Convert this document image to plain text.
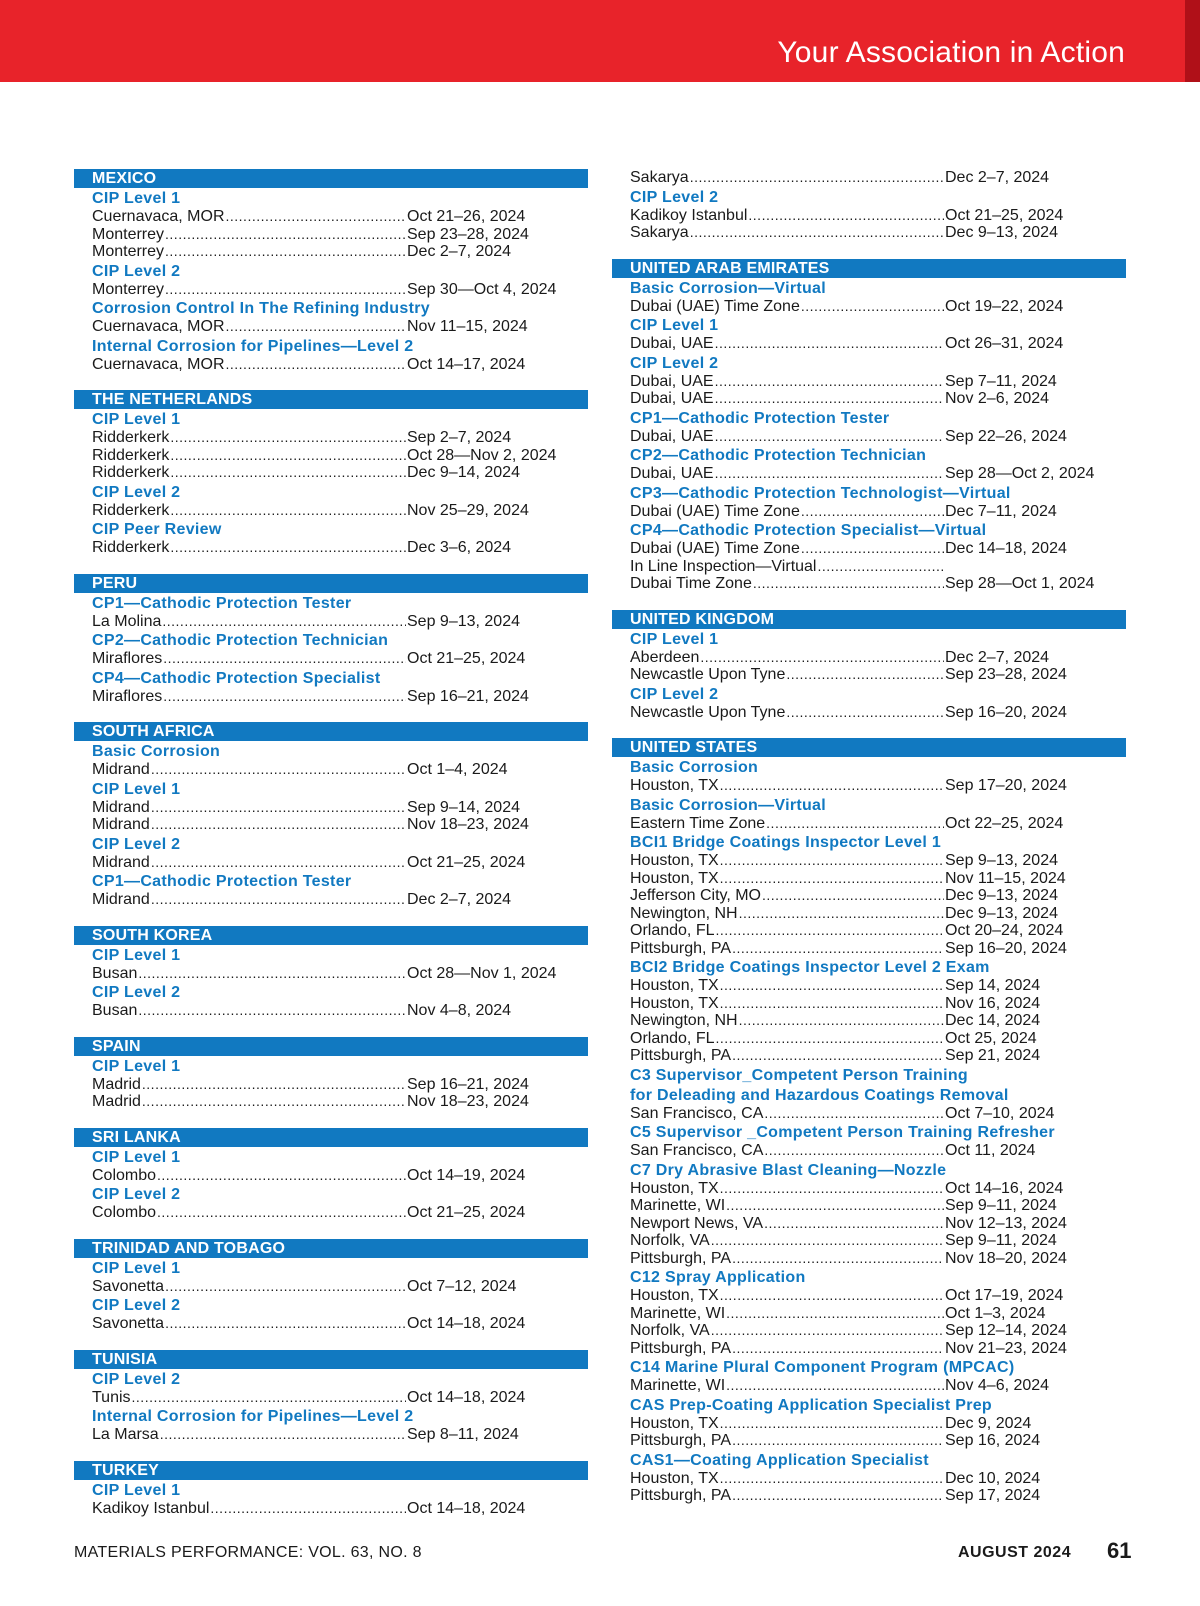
Your Association in Action
MEXICO
CIP Level 1
Cuernavaca, MOR .....	Oct 21–26, 2024
Monterrey .....	Sep 23–28, 2024
Monterrey .....	Dec 2–7, 2024
CIP Level 2
Monterrey .....	Sep 30—Oct 4, 2024
Corrosion Control In The Refining Industry
Cuernavaca, MOR .....	Nov 11–15, 2024
Internal Corrosion for Pipelines—Level 2
Cuernavaca, MOR .....	Oct 14–17, 2024
THE NETHERLANDS
CIP Level 1
Ridderkerk .....	Sep 2–7, 2024
Ridderkerk .....	Oct 28—Nov 2, 2024
Ridderkerk .....	Dec 9–14, 2024
CIP Level 2
Ridderkerk .....	Nov 25–29, 2024
CIP Peer Review
Ridderkerk .....	Dec 3–6, 2024
PERU
CP1—Cathodic Protection Tester
La Molina .....	Sep 9–13, 2024
CP2—Cathodic Protection Technician
Miraflores .....	Oct 21–25, 2024
CP4—Cathodic Protection Specialist
Miraflores .....	Sep 16–21, 2024
SOUTH AFRICA
Basic Corrosion
Midrand .....	Oct 1–4, 2024
CIP Level 1
Midrand .....	Sep 9–14, 2024
Midrand .....	Nov 18–23, 2024
CIP Level 2
Midrand .....	Oct 21–25, 2024
CP1—Cathodic Protection Tester
Midrand .....	Dec 2–7, 2024
SOUTH KOREA
CIP Level 1
Busan .....	Oct 28—Nov 1, 2024
CIP Level 2
Busan .....	Nov 4–8, 2024
SPAIN
CIP Level 1
Madrid .....	Sep 16–21, 2024
Madrid .....	Nov 18–23, 2024
SRI LANKA
CIP Level 1
Colombo .....	Oct 14–19, 2024
CIP Level 2
Colombo .....	Oct 21–25, 2024
TRINIDAD AND TOBAGO
CIP Level 1
Savonetta .....	Oct 7–12, 2024
CIP Level 2
Savonetta .....	Oct 14–18, 2024
TUNISIA
CIP Level 2
Tunis .....	Oct 14–18, 2024
Internal Corrosion for Pipelines—Level 2
La Marsa .....	Sep 8–11, 2024
TURKEY
CIP Level 1
Kadikoy Istanbul .....	Oct 14–18, 2024
Sakarya .....	Dec 2–7, 2024
CIP Level 2
Kadikoy Istanbul .....	Oct 21–25, 2024
Sakarya .....	Dec 9–13, 2024
UNITED ARAB EMIRATES
Basic Corrosion—Virtual
Dubai (UAE) Time Zone .....	Oct 19–22, 2024
CIP Level 1
Dubai, UAE .....	Oct 26–31, 2024
CIP Level 2
Dubai, UAE .....	Sep 7–11, 2024
Dubai, UAE .....	Nov 2–6, 2024
CP1—Cathodic Protection Tester
Dubai, UAE .....	Sep 22–26, 2024
CP2—Cathodic Protection Technician
Dubai, UAE .....	Sep 28—Oct 2, 2024
CP3—Cathodic Protection Technologist—Virtual
Dubai (UAE) Time Zone .....	Dec 7–11, 2024
CP4—Cathodic Protection Specialist—Virtual
Dubai (UAE) Time Zone .....	Dec 14–18, 2024
In Line Inspection—Virtual
.....
Dubai Time Zone .....	Sep 28—Oct 1, 2024
UNITED KINGDOM
CIP Level 1
Aberdeen .....	Dec 2–7, 2024
Newcastle Upon Tyne .....	Sep 23–28, 2024
CIP Level 2
Newcastle Upon Tyne .....	Sep 16–20, 2024
UNITED STATES
Basic Corrosion
Houston, TX .....	Sep 17–20, 2024
Basic Corrosion—Virtual
Eastern Time Zone .....	Oct 22–25, 2024
BCI1 Bridge Coatings Inspector Level 1
Houston, TX .....	Sep 9–13, 2024
Houston, TX .....	Nov 11–15, 2024
Jefferson City, MO .....	Dec 9–13, 2024
Newington, NH .....	Dec 9–13, 2024
Orlando, FL .....	Oct 20–24, 2024
Pittsburgh, PA .....	Sep 16–20, 2024
BCI2 Bridge Coatings Inspector Level 2 Exam
Houston, TX .....	Sep 14, 2024
Houston, TX .....	Nov 16, 2024
Newington, NH .....	Dec 14, 2024
Orlando, FL .....	Oct 25, 2024
Pittsburgh, PA .....	Sep 21, 2024
C3 Supervisor_Competent Person Training
for Deleading and Hazardous Coatings Removal
San Francisco, CA .....	Oct 7–10, 2024
C5 Supervisor _Competent Person Training Refresher
San Francisco, CA .....	Oct 11, 2024
C7 Dry Abrasive Blast Cleaning—Nozzle
Houston, TX .....	Oct 14–16, 2024
Marinette, WI .....	Sep 9–11, 2024
Newport News, VA .....	Nov 12–13, 2024
Norfolk, VA .....	Sep 9–11, 2024
Pittsburgh, PA .....	Nov 18–20, 2024
C12 Spray Application
Houston, TX .....	Oct 17–19, 2024
Marinette, WI .....	Oct 1–3, 2024
Norfolk, VA .....	Sep 12–14, 2024
Pittsburgh, PA .....	Nov 21–23, 2024
C14 Marine Plural Component Program (MPCAC)
Marinette, WI .....	Nov 4–6, 2024
CAS Prep-Coating Application Specialist Prep
Houston, TX .....	Dec 9, 2024
Pittsburgh, PA .....	Sep 16, 2024
CAS1—Coating Application Specialist
Houston, TX .....	Dec 10, 2024
Pittsburgh, PA .....	Sep 17, 2024
MATERIALS PERFORMANCE: VOL. 63, NO. 8	AUGUST 2024 61
